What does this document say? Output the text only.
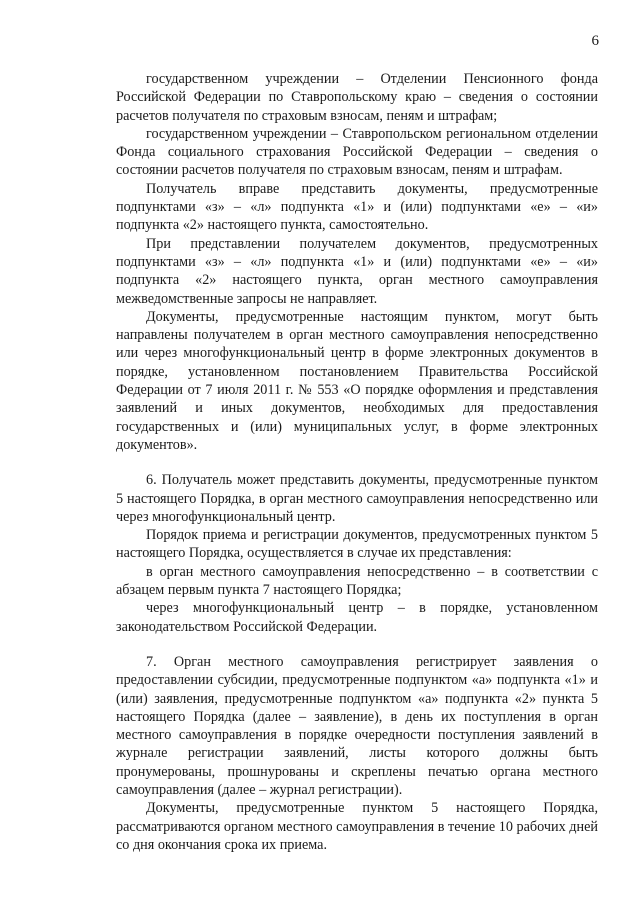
6

государственном учреждении – Отделении Пенсионного фонда Российской Федерации по Ставропольскому краю – сведения о состоянии расчетов получателя по страховым взносам, пеням и штрафам;

государственном учреждении – Ставропольском региональном отделении Фонда социального страхования Российской Федерации – сведения о состоянии расчетов получателя по страховым взносам, пеням и штрафам.

Получатель вправе представить документы, предусмотренные подпунктами «з» – «л» подпункта «1» и (или) подпунктами «е» – «и» подпункта «2» настоящего пункта, самостоятельно.

При представлении получателем документов, предусмотренных подпунктами «з» – «л» подпункта «1» и (или) подпунктами «е» – «и» подпункта «2» настоящего пункта, орган местного самоуправления межведомственные запросы не направляет.

Документы, предусмотренные настоящим пунктом, могут быть направлены получателем в орган местного самоуправления непосредственно или через многофункциональный центр в форме электронных документов в порядке, установленном постановлением Правительства Российской Федерации от 7 июля 2011 г. № 553 «О порядке оформления и представления заявлений и иных документов, необходимых для предоставления государственных и (или) муниципальных услуг, в форме электронных документов».

6. Получатель может представить документы, предусмотренные пунктом 5 настоящего Порядка, в орган местного самоуправления непосредственно или через многофункциональный центр.

Порядок приема и регистрации документов, предусмотренных пунктом 5 настоящего Порядка, осуществляется в случае их представления:

в орган местного самоуправления непосредственно – в соответствии с абзацем первым пункта 7 настоящего Порядка;

через многофункциональный центр – в порядке, установленном законодательством Российской Федерации.

7. Орган местного самоуправления регистрирует заявления о предоставлении субсидии, предусмотренные подпунктом «а» подпункта «1» и (или) заявления, предусмотренные подпунктом «а» подпункта «2» пункта 5 настоящего Порядка (далее – заявление), в день их поступления в орган местного самоуправления в порядке очередности поступления заявлений в журнале регистрации заявлений, листы которого должны быть пронумерованы, прошнурованы и скреплены печатью органа местного самоуправления (далее – журнал регистрации).

Документы, предусмотренные пунктом 5 настоящего Порядка, рассматриваются органом местного самоуправления в течение 10 рабочих дней со дня окончания срока их приема.
